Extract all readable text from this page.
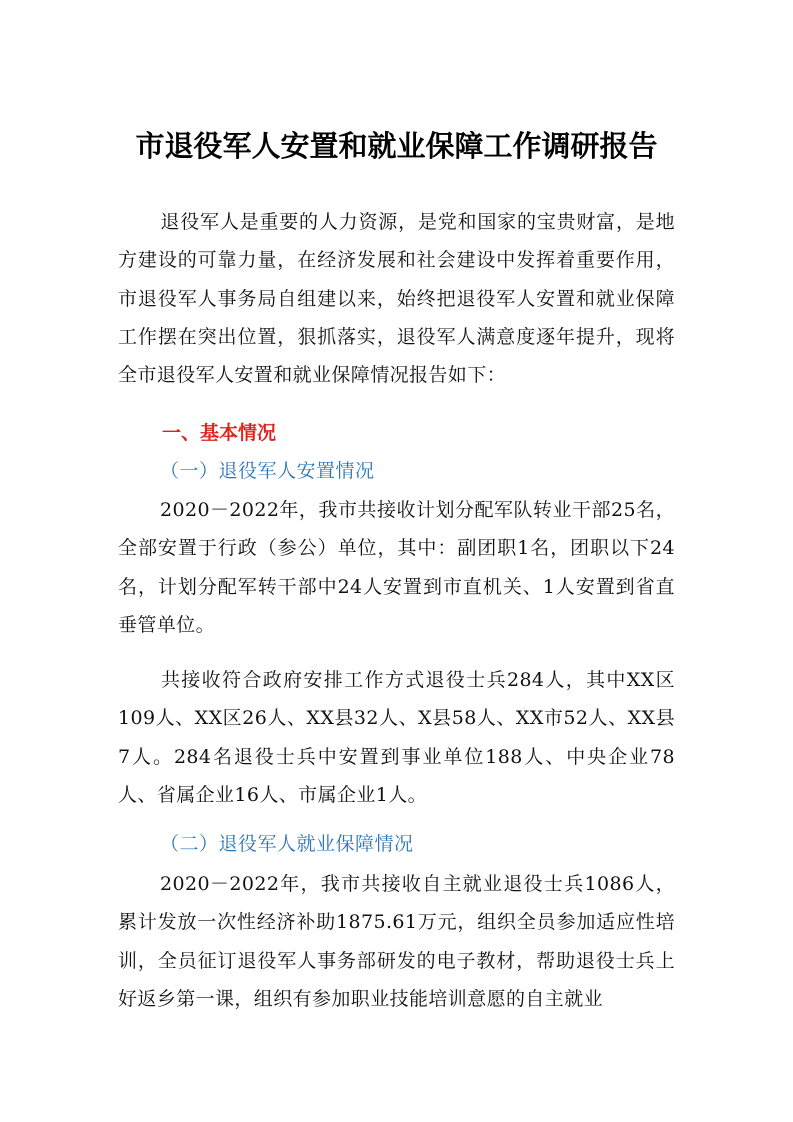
市退役军人安置和就业保障工作调研报告

退役军人是重要的人力资源，是党和国家的宝贵财富，是地方建设的可靠力量，在经济发展和社会建设中发挥着重要作用，市退役军人事务局自组建以来，始终把退役军人安置和就业保障工作摆在突出位置，狠抓落实，退役军人满意度逐年提升，现将全市退役军人安置和就业保障情况报告如下：

一、基本情况
（一）退役军人安置情况

2020－2022年，我市共接收计划分配军队转业干部25名，全部安置于行政（参公）单位，其中：副团职1名，团职以下24名，计划分配军转干部中24人安置到市直机关、1人安置到省直垂管单位。

共接收符合政府安排工作方式退役士兵284人，其中XX区109人、XX区26人、XX县32人、X县58人、XX市52人、XX县7人。284名退役士兵中安置到事业单位188人、中央企业78人、省属企业16人、市属企业1人。

（二）退役军人就业保障情况

2020－2022年，我市共接收自主就业退役士兵1086人，累计发放一次性经济补助1875.61万元，组织全员参加适应性培训，全员征订退役军人事务部研发的电子教材，帮助退役士兵上好返乡第一课，组织有参加职业技能培训意愿的自主就业
